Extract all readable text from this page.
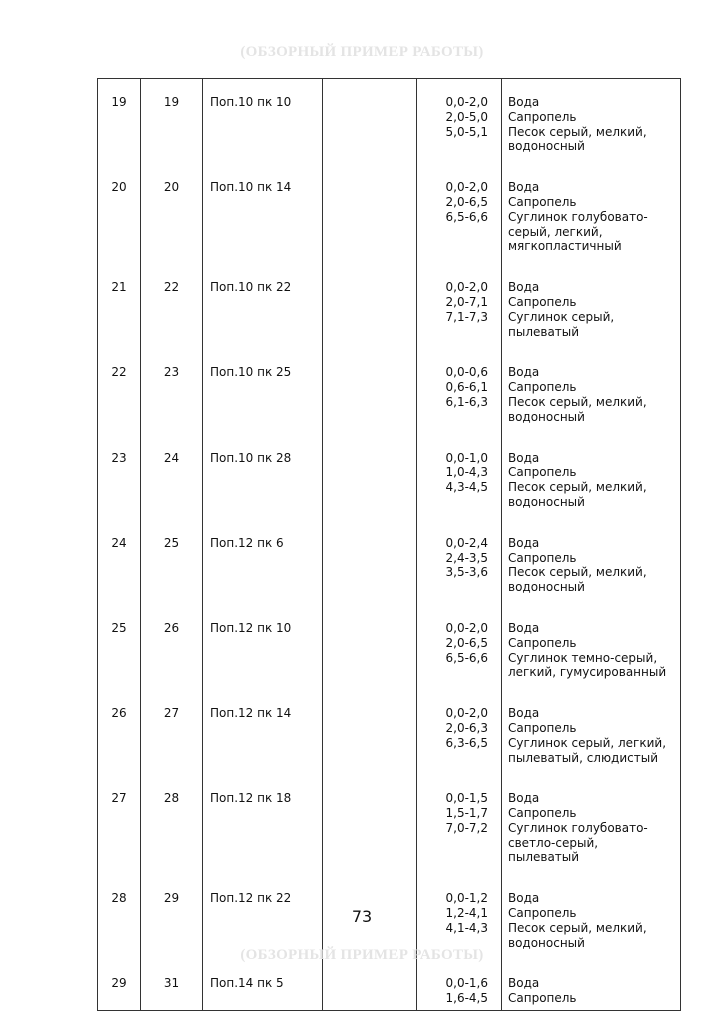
(ОБЗОРНЫЙ ПРИМЕР РАБОТЫ)
19	19	Поп.10 пк 10		0,0-2,0
2,0-5,0
5,0-5,1	Вода
Сапропель
Песок серый, мелкий,
водоносный
20	20	Поп.10 пк 14		0,0-2,0
2,0-6,5
6,5-6,6	Вода
Сапропель
Суглинок голубовато-
серый, легкий,
мягкопластичный
21	22	Поп.10 пк 22		0,0-2,0
2,0-7,1
7,1-7,3	Вода
Сапропель
Суглинок серый,
пылеватый
22	23	Поп.10 пк 25		0,0-0,6
0,6-6,1
6,1-6,3	Вода
Сапропель
Песок серый, мелкий,
водоносный
23	24	Поп.10 пк 28		0,0-1,0
1,0-4,3
4,3-4,5	Вода
Сапропель
Песок серый, мелкий,
водоносный
24	25	Поп.12 пк 6		0,0-2,4
2,4-3,5
3,5-3,6	Вода
Сапропель
Песок серый, мелкий,
водоносный
25	26	Поп.12 пк 10		0,0-2,0
2,0-6,5
6,5-6,6	Вода
Сапропель
Суглинок темно-серый,
легкий, гумусированный
26	27	Поп.12 пк 14		0,0-2,0
2,0-6,3
6,3-6,5	Вода
Сапропель
Суглинок серый, легкий,
пылеватый, слюдистый
27	28	Поп.12 пк 18		0,0-1,5
1,5-1,7
7,0-7,2	Вода
Сапропель
Суглинок голубовато-
светло-серый,
пылеватый
28	29	Поп.12 пк 22		0,0-1,2
1,2-4,1
4,1-4,3	Вода
Сапропель
Песок серый, мелкий,
водоносный
29	31	Поп.14 пк 5		0,0-1,6
1,6-4,5	Вода
Сапропель
73
(ОБЗОРНЫЙ ПРИМЕР РАБОТЫ)
